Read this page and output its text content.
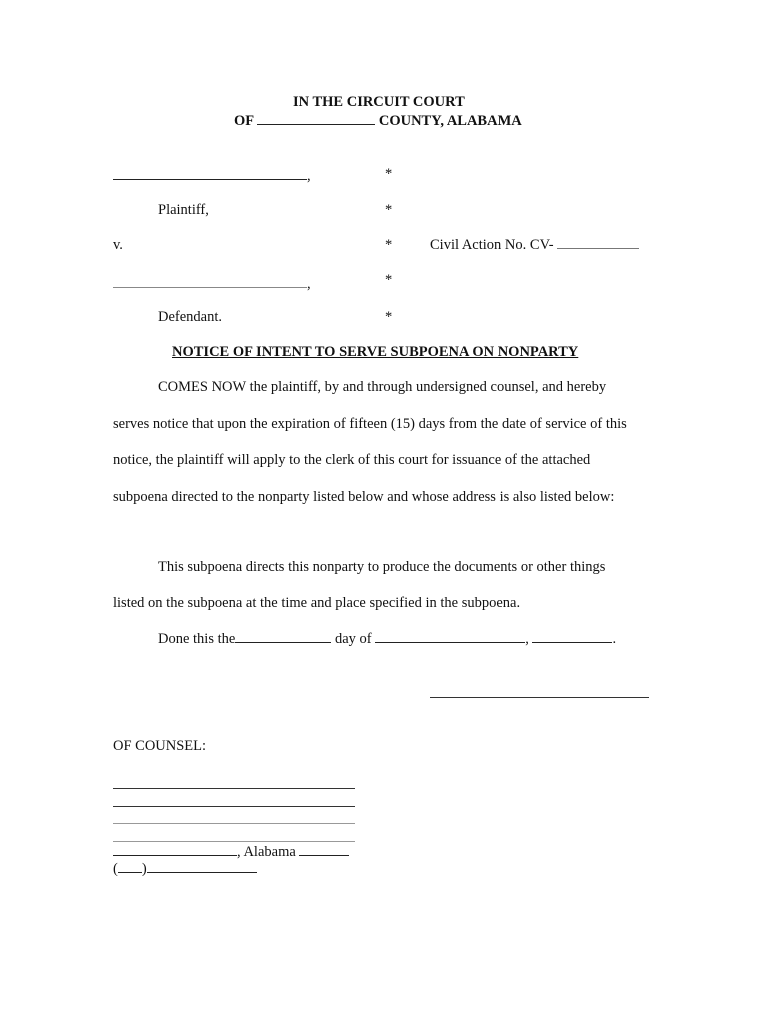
IN THE CIRCUIT COURT
OF	COUNTY, ALABAMA
,	*
Plaintiff,	*
v.	*	Civil Action No. CV-
,	*
Defendant.	*
NOTICE OF INTENT TO SERVE SUBPOENA ON NONPARTY
COMES NOW the plaintiff, by and through undersigned counsel, and hereby
serves notice that upon the expiration of fifteen (15) days from the date of service of this
notice, the plaintiff will apply to the clerk of this court for issuance of the attached
subpoena directed to the nonparty listed below and whose address is also listed below:
This subpoena directs this nonparty to produce the documents or other things
listed on the subpoena at the time and place specified in the subpoena.
Done this the	day of	,	.
OF COUNSEL:
, Alabama
( )
